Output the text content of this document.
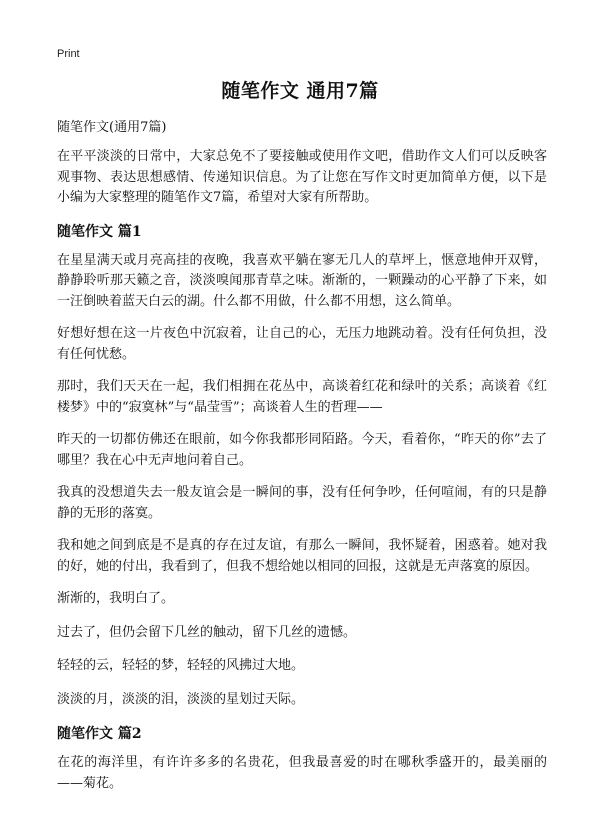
Print
随笔作文 通用7篇
随笔作文(通用7篇)
在平平淡淡的日常中，大家总免不了要接触或使用作文吧，借助作文人们可以反映客观事物、表达思想感情、传递知识信息。为了让您在写作文时更加简单方便，以下是小编为大家整理的随笔作文7篇，希望对大家有所帮助。
随笔作文 篇1
在星星满天或月亮高挂的夜晚，我喜欢平躺在寥无几人的草坪上，惬意地伸开双臂，静静聆听那天籁之音，淡淡嗅闻那青草之味。渐渐的，一颗躁动的心平静了下来，如一汪倒映着蓝天白云的湖。什么都不用做，什么都不用想，这么简单。
好想好想在这一片夜色中沉寂着，让自己的心，无压力地跳动着。没有任何负担，没有任何忧愁。
那时，我们天天在一起，我们相拥在花丛中，高谈着红花和绿叶的关系；高谈着《红楼梦》中的“寂寞林”与“晶莹雪”；高谈着人生的哲理——
昨天的一切都仿佛还在眼前，如今你我都形同陌路。今天，看着你，“昨天的你”去了哪里？我在心中无声地问着自己。
我真的没想道失去一般友谊会是一瞬间的事，没有任何争吵，任何喧闹，有的只是静静的无形的落寞。
我和她之间到底是不是真的存在过友谊，有那么一瞬间，我怀疑着，困惑着。她对我的好，她的付出，我看到了，但我不想给她以相同的回报，这就是无声落寞的原因。
渐渐的，我明白了。
过去了，但仍会留下几丝的触动，留下几丝的遗憾。
轻轻的云，轻轻的梦，轻轻的风拂过大地。
淡淡的月，淡淡的泪，淡淡的星划过天际。
随笔作文 篇2
在花的海洋里，有许许多多的名贵花，但我最喜爱的时在哪秋季盛开的，最美丽的——菊花。
